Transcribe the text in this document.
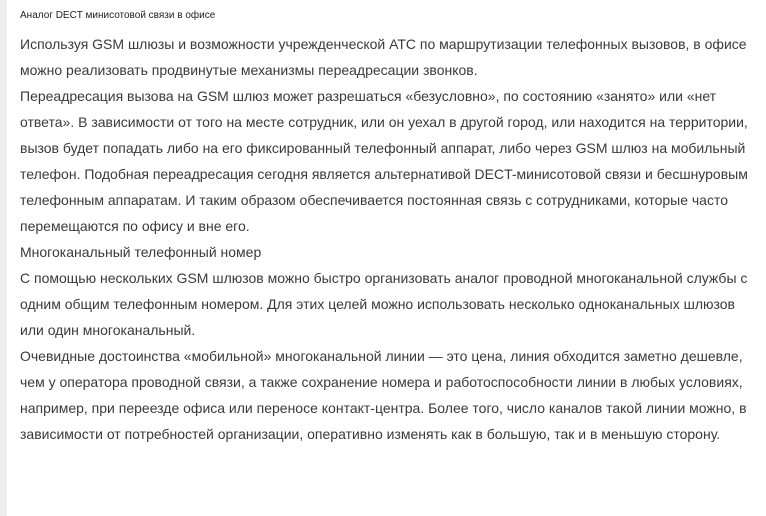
Аналог DECT минисотовой связи в офисе

Используя GSM шлюзы и возможности учрежденческой АТС по маршрутизации телефонных вызовов, в офисе можно реализовать продвинутые механизмы переадресации звонков.

Переадресация вызова на GSM шлюз может разрешаться «безусловно», по состоянию «занято» или «нет ответа». В зависимости от того на месте сотрудник, или он уехал в другой город, или находится на территории, вызов будет попадать либо на его фиксированный телефонный аппарат, либо через GSM шлюз на мобильный телефон. Подобная переадресация сегодня является альтернативой DECT-минисотовой связи и бесшнуровым телефонным аппаратам. И таким образом обеспечивается постоянная связь с сотрудниками, которые часто перемещаются по офису и вне его.

Многоканальный телефонный номер

С помощью нескольких GSM шлюзов можно быстро организовать аналог проводной многоканальной службы с одним общим телефонным номером. Для этих целей можно использовать несколько одноканальных шлюзов или один многоканальный.

Очевидные достоинства «мобильной» многоканальной линии — это цена, линия обходится заметно дешевле, чем у оператора проводной связи, а также сохранение номера и работоспособности линии в любых условиях, например, при переезде офиса или переносе контакт-центра. Более того, число каналов такой линии можно, в зависимости от потребностей организации, оперативно изменять как в большую, так и в меньшую сторону.
